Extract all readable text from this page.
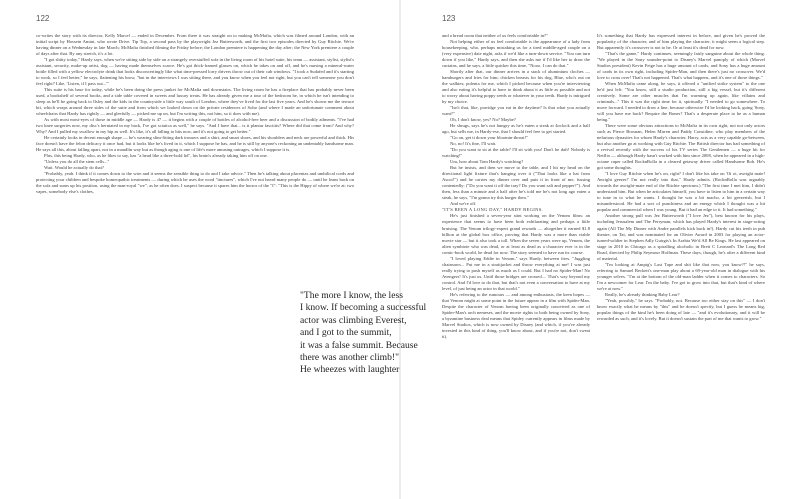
122	123

co-writes the story with its director, Kelly Marcel — ended in December. From there it was straight on to making McMafia, which was filmed around London, with an initial script by Hossein Amini, who wrote Drive. Tip Top, a second pass by the playwright Jez Butterworth, and the first two episodes directed by Guy Ritchie. We're having dinner on a Wednesday in late March; McMafia finished filming the Friday before; the London premiere is happening the day after; the New York premiere a couple of days after that. By any stretch, it's a lot.

"I got shitty today," Hardy says, when we're sitting side by side on a strangely overstuffed sofa in the living room of his hotel suite, his team — assistant, stylist, stylist's assistant, security, make-up artist, dog — having made themselves scarce. He's got thick-framed glasses on, which he takes on and off, and he's nursing a mineral-water bottle filled with a yellow electrolyte drink that looks disconcertingly like what time-pressed lorry drivers throw out of their cab windows. "I took a Sudafed and it's starting to work, so I feel better," he says, flattening his brow, "but in the interviews I was sitting there, and you know when you feel not right, but you can't tell someone you don't feel right? Like, 'Listen, if I pass out...'"

This suite is his base for today, while he's been doing the press junket for McMafia and downstairs. The living room he has a fireplace that has probably never been used, a bookshelf of several books, and a side table covered in sweets and luxury treats. He has already given me a tour of the bedroom he, in which he isn't intending to sleep as he'll be going back to Ilsley and the kids in the countryside a little way south of London, where they've lived for the last five years. And he's shown me the terrace bit, which wraps around three sides of the suite and from which we looked down on the private residences of Soho (and where I made an unfortunate comment about wheelchairs that Hardy has rightly — and gleefully — picked me up on, but I'm writing this, not him, so it does with me).

As with most most-eyes of those in middle age — Hardy is 47 — it begins with a couple of bottles of alcohol-free beer and a discussion of bodily ailments. "I've had two knee surgeries now, my disc's herniated in my back, I've got sciatica as well," he says. "And I have that... is it plantar fasciitis? Where did that come from? And why? Why? And I pulled my swallow in my hip as well. It's like, it's all falling to bits now, and it's not going to get better."

He certainly looks in decent enough shape — he's wearing slim-fitting dark trousers and a shirt, and smart shoes, and his shoulders and neck are powerful and thick. His face doesn't have the felon delicacy it once had, but it looks like he's lived in it, which I suppose he has, and he is still by anyone's reckoning an undeniably handsome man. He says all this, about falling apart, not in a maudlin way but as though aging is one of life's more amusing outrages, which I suppose it is.

Plus, this being Hardy, who, as he likes to say, has "a head like a three-hold lid", his brain's already taking him off on one.

"Unless you do all the stem cells..."

Wait. Would he actually do that?

"Probably, yeah. I think if it comes down to the wire and it seems the sensible thing to do and I take advice." Then he's talking about placentas and umbilical cords and protecting your children and bespoke homeopathic treatments — during which he uses the word "tinctures", which I've not heard many people do — until he leans back on the sofa and sums up his position, using the man-royal "we", as he often does. I suspect because it spares him the horror of the "I": "This is the Hippy of where we're at: two vapes, somebody else's clothes,

and a bread room that neither of us feels comfortable in?"

Not helping either of us feel comfortable is the appearance of a lady from housekeeping, who, perhaps mistaking us for a tired middle-aged couple on a (very expensive) date night, asks if we'd like a turn-down service. "You can turn down if you like," Hardy says, and then she asks me if I'd like her to draw the curtains, and he says, a little quicker this time, "Nooo. I can do that."

Shortly after that, our dinner arrives in a stack of aluminium cloches — hamburgers and fries for him; chicken breasts for his dog, Blue, who's out on the walkies; polenta for me, which I picked because when you're interviewing and also eating it's helpful to have to think about it as little as possible and not to worry about having poppy seeds or whatever in your teeth. Hardy is intrigued by my choice.

"Isn't that, like, porridge you eat in the daytime? Is that what you actually want?"

Oh, I don't know, yes? No? Maybe?

He shrugs, says he's not hungry as he's eaten a steak at 4oclock and a half ago, but sells me, in Hardy-ese, that I should feel free to get started.

"Go on, get it down your bloomin-throat!"

No, no! It's fine, I'll wait.

"Do you want to sit at the table? I'll sit with you! Don't be daft! Nobody is watching!"

Um, how about Tom Hardy's watching?

But he insists, and then we move to the table, and I hit my head on the directional light fixture that's hanging over it ("That looks like a hat from Ascot!") and he carries my dinner over and puts it in front of me, fussing contentedly: ("Do you want it off the tray? Do you want salt and pepper?"). And then, less than a minute and a half after he's told me he's not long ago eaten a steak, he says, "I'm gonna try this burger then."

And we're off.

"IT'S BEEN A LONG DAY," HARDY BEGINS.

He's just finished a seven-year stint working on the Venom films: an experience that seems to have been both exhilarating and perhaps a little bruising. The Venom trilogy-expert grand rewards — altogether it earned $1.8 billion at the global box office, proving that Hardy was a more than viable movie star — but it also took a toll. When the seven years were up, Venom, the alien symbiote who was dead, or at least as dead as a character ever is in the comic-book world, he dead for now. The story seemed to have run its course.

"I loved playing Eddie in Venom," says Hardy, between fries. "Juggling chainsaws... Put me in a straitjacket and throw everything at me! I was just really trying to push myself as much as I could. But I had no Spider-Man! No Avengers! It's just us. Until those bridges are crossed.... That's way beyond my control. And I'd love to do that, but that's not even a conversation to have at my level, of just being an actor in that world."

He's referring to the rumours — and among enthusiasts, the keen hopes — that Venom might at some point in the future appear in a film with Spider-Man. Despite the character of Venom having been originally conceived as one of Spider-Man's arch nemeses, and the movie rights to both being owned by Sony, a byzantine business deal means that Spidey currently appears in films made by Marvel Studios, which is now owned by Disney (and which, if you've already invested in this kind of thing, you'll know about, and if you're not, don't sweat it).

It's something that Hardy has expressed interest in before, and given he's proved the popularity of the character, and of him playing the character, it might seem a logical step. But apparently it's crossover is not to be. Or at least it's dead for now.

"That's the game," Hardy continues, seemingly fairly sanguine about the whole thing. "We played in the Sony sounder-point to Disney's Marvel panoply of which (Marvel Studios president) Kevin Feige has a huge amount of cards, and Sony has a huge amount of cards in its own right, including Spider-Man, and then there's just no crossover. We'd love to cross over! That's not happened. That's what happens, and it's one of those things."

When McMafia came along, he says, it offered a "unified strike system" to the one he'd just left: "You know, still a studio production, still a big vessel, but it's different creatively. Some are other muscles that I'm warming up again, like villains and criminals..." This it was the right time for it, spiritually. "I needed to go somewhere. To move forward. I needed to draw a line, because otherwise I'd be looking back, going 'Sony, will you have me back? Require the Bones? That's a desperate place to be as a human being."

There were some obvious attractions to McMafia in its own right, not not only actors such as Pierce Brosnan, Helen Mirren and Paddy Considine, who play members of the nefarious dynasties for whom Hardy's character, Harry, acts as a very capable go-between, but also another go at working with Guy Ritchie. The British director has had something of a revival recently with the success of his TV series The Gentlemen — a huge hit for Netflix — although Hardy hasn't worked with him since 2008, when he appeared in a high-octane caper called RocknRolla in a cleared getaway driver called Handsome Bob. He's got some thoughts.

"I love Guy Ritchie when he's on, right? I don't like his take on 'Oi oi, awright mate! Awright geezer!' I'm not really into that," Hardy admits. (RocknRolla was arguably towards the awright-mate end of the Ritchie spectrum.) "The first time I met him, I didn't understand him. But when he articulates himself, you have to listen to him in a certain way to tune in to what he wants. I thought he was a bit macho, a bit geezerish, but I misunderstood. He had a sort of punchiness and an energy which I thought was a bit popular and commercial when I was young. But it had an edge to it. It had something."

Another strong pull was Jez Butterworth ("I love Jez"), best known for his plays, including Jerusalem and The Ferryman, which has played Hardy's interest in stage-acting again (All The My Dinner with Andre parallels kick back in!). Hardy cut his teeth in pub theatre, on Tat, and was nominated for an Olivier Award in 2003 for playing an actor-turned-soldier in Stephen Adly Guirgis's In Arabia We'd All Be Kings. He last appeared on stage in 2010 in Chicago as a spiralling alcoholic in Brett C Leonard's The Long Red Road, directed by Philip Seymour Hoffman. These days, though, he's after a different kind of material.

"I'm looking at Ampig's Last Tape and shit like that now, you know?!" he says, referring to Samuel Beckett's one-man play about a 69-year-old man in dialogue with his younger selves. "I'm at the bottom of the old-man ladder when it comes to characters. So I'm a newcomer for Lear. I'm the baby. I've got to grow into that, but that's kind of where we're at now."

Really, he's already thinking Baby Lear?

"Yeah, possibly," he says. "Probably, not. Because too either stay on this" — I don't know exactly what he means by "this" and he doesn't specify, but I guess he means big, popular things of the kind he's been doing of late — "and it's evolutionary, and it will be rewarded as such, and it's lovely. But it doesn't sustain the part of me that wants to grow."

"The more I know, the less
I know. If becoming a successful
actor was climbing Everest,
and I got to the summit,
it was a false summit. Because
there was another climb!"
He wheezes with laughter
